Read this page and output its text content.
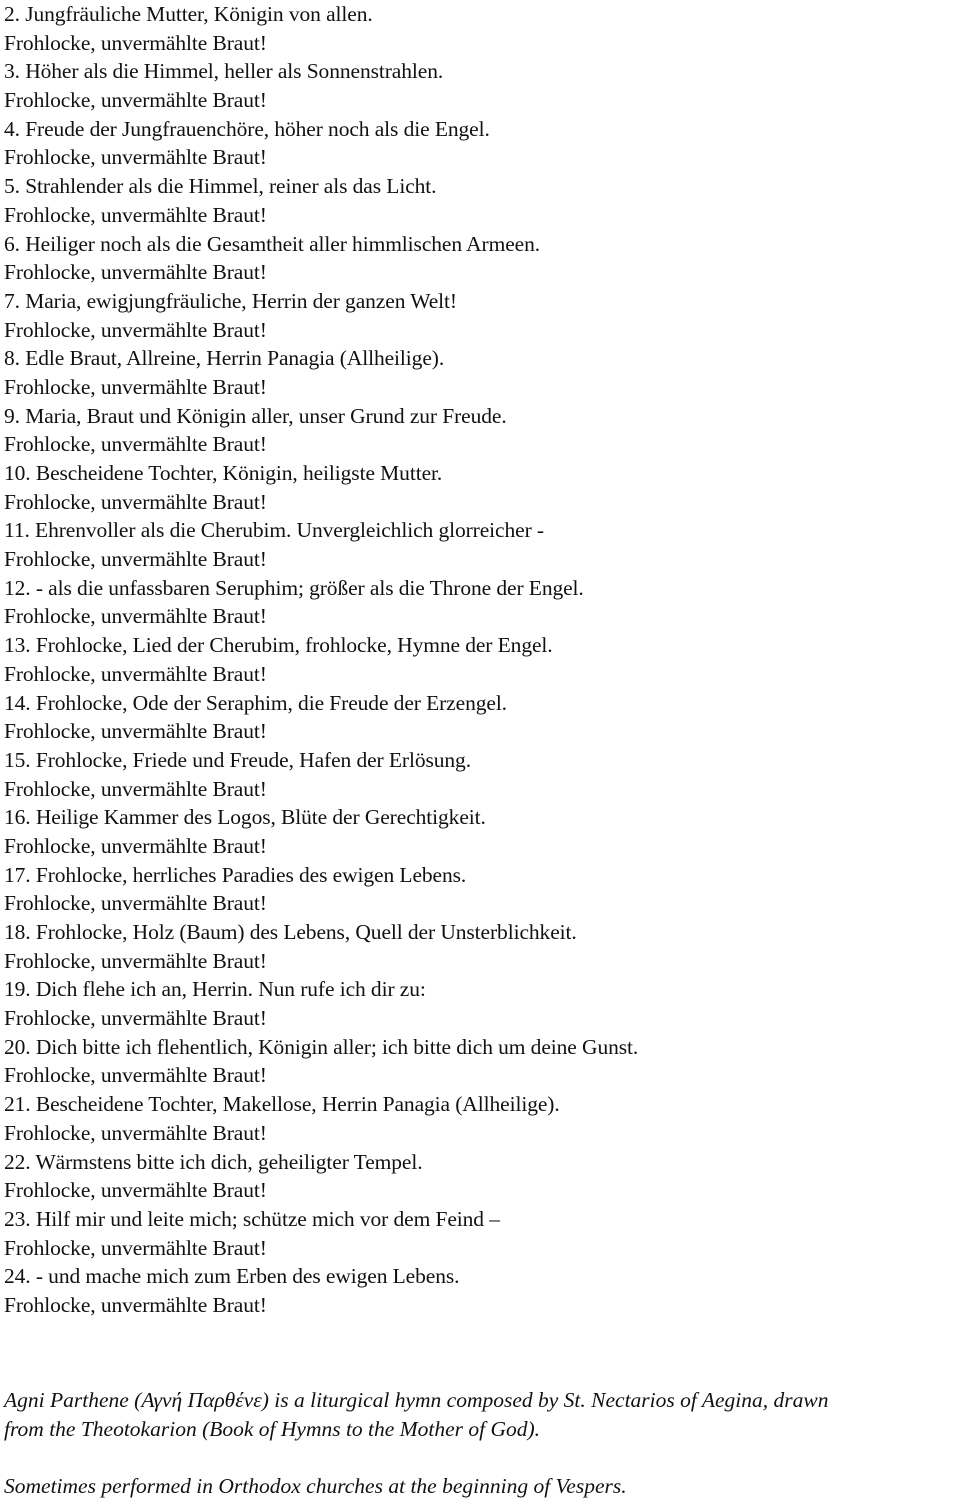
2. Jungfräuliche Mutter, Königin von allen.
Frohlocke, unvermählte Braut!
3. Höher als die Himmel, heller als Sonnenstrahlen.
Frohlocke, unvermählte Braut!
4. Freude der Jungfrauenchöre, höher noch als die Engel.
Frohlocke, unvermählte Braut!
5. Strahlender als die Himmel, reiner als das Licht.
Frohlocke, unvermählte Braut!
6. Heiliger noch als die Gesamtheit aller himmlischen Armeen.
Frohlocke, unvermählte Braut!
7. Maria, ewigjungfräuliche, Herrin der ganzen Welt!
Frohlocke, unvermählte Braut!
8. Edle Braut, Allreine, Herrin Panagia (Allheilige).
Frohlocke, unvermählte Braut!
9. Maria, Braut und Königin aller, unser Grund zur Freude.
Frohlocke, unvermählte Braut!
10. Bescheidene Tochter, Königin, heiligste Mutter.
Frohlocke, unvermählte Braut!
11. Ehrenvoller als die Cherubim. Unvergleichlich glorreicher -
Frohlocke, unvermählte Braut!
12. - als die unfassbaren Seruphim; größer als die Throne der Engel.
Frohlocke, unvermählte Braut!
13. Frohlocke, Lied der Cherubim, frohlocke, Hymne der Engel.
Frohlocke, unvermählte Braut!
14. Frohlocke, Ode der Seraphim, die Freude der Erzengel.
Frohlocke, unvermählte Braut!
15. Frohlocke, Friede und Freude, Hafen der Erlösung.
Frohlocke, unvermählte Braut!
16. Heilige Kammer des Logos, Blüte der Gerechtigkeit.
Frohlocke, unvermählte Braut!
17. Frohlocke, herrliches Paradies des ewigen Lebens.
Frohlocke, unvermählte Braut!
18. Frohlocke, Holz (Baum) des Lebens, Quell der Unsterblichkeit.
Frohlocke, unvermählte Braut!
19. Dich flehe ich an, Herrin. Nun rufe ich dir zu:
Frohlocke, unvermählte Braut!
20. Dich bitte ich flehentlich, Königin aller; ich bitte dich um deine Gunst.
Frohlocke, unvermählte Braut!
21. Bescheidene Tochter, Makellose, Herrin Panagia (Allheilige).
Frohlocke, unvermählte Braut!
22. Wärmstens bitte ich dich, geheiligter Tempel.
Frohlocke, unvermählte Braut!
23. Hilf mir und leite mich; schütze mich vor dem Feind –
Frohlocke, unvermählte Braut!
24. - und mache mich zum Erben des ewigen Lebens.
Frohlocke, unvermählte Braut!
Agni Parthene (Αγνή Παρθένε) is a liturgical hymn composed by St. Nectarios of Aegina, drawn
from the Theotokarion (Book of Hymns to the Mother of God).
Sometimes performed in Orthodox churches at the beginning of Vespers.
